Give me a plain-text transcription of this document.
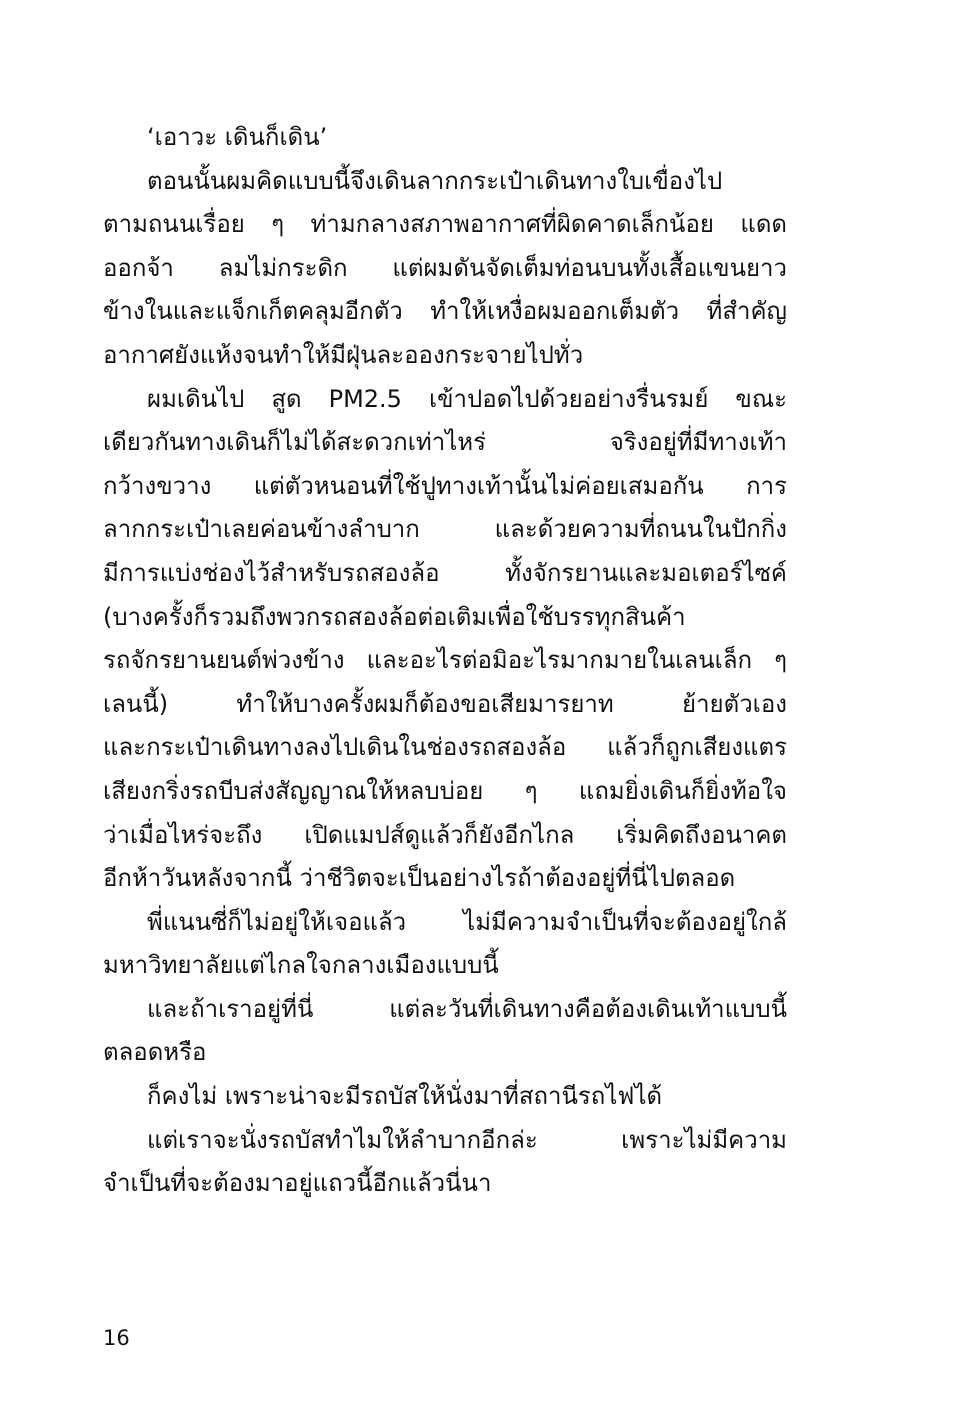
‘เอาวะ เดินก็เดิน’
ตอนนั้นผมคิดแบบนี้จึงเดินลากกระเป๋าเดินทางใบเขื่องไป
ตามถนนเรื่อย ๆ ท่ามกลางสภาพอากาศที่ผิดคาดเล็กน้อย แดด
ออกจ้า ลมไม่กระดิก แต่ผมดันจัดเต็มท่อนบนทั้งเสื้อแขนยาว
ข้างในและแจ็กเก็ตคลุมอีกตัว ทำให้เหงื่อผมออกเต็มตัว ที่สำคัญ
อากาศยังแห้งจนทำให้มีฝุ่นละอองกระจายไปทั่ว
ผมเดินไป สูด PM2.5 เข้าปอดไปด้วยอย่างรื่นรมย์ ขณะ
เดียวกันทางเดินก็ไม่ได้สะดวกเท่าไหร่ จริงอยู่ที่มีทางเท้า
กว้างขวาง แต่ตัวหนอนที่ใช้ปูทางเท้านั้นไม่ค่อยเสมอกัน การ
ลากกระเป๋าเลยค่อนข้างลำบาก และด้วยความที่ถนนในปักกิ่ง
มีการแบ่งช่องไว้สำหรับรถสองล้อ ทั้งจักรยานและมอเตอร์ไซค์
(บางครั้งก็รวมถึงพวกรถสองล้อต่อเติมเพื่อใช้บรรทุกสินค้า
รถจักรยานยนต์พ่วงข้าง และอะไรต่อมิอะไรมากมายในเลนเล็ก ๆ
เลนนี้) ทำให้บางครั้งผมก็ต้องขอเสียมารยาท ย้ายตัวเอง
และกระเป๋าเดินทางลงไปเดินในช่องรถสองล้อ แล้วก็ถูกเสียงแตร
เสียงกริ่งรถบีบส่งสัญญาณให้หลบบ่อย ๆ แถมยิ่งเดินก็ยิ่งท้อใจ
ว่าเมื่อไหร่จะถึง เปิดแมปส์ดูแล้วก็ยังอีกไกล เริ่มคิดถึงอนาคต
อีกห้าวันหลังจากนี้ ว่าชีวิตจะเป็นอย่างไรถ้าต้องอยู่ที่นี่ไปตลอด
พี่แนนซี่ก็ไม่อยู่ให้เจอแล้ว ไม่มีความจำเป็นที่จะต้องอยู่ใกล้
มหาวิทยาลัยแต่ไกลใจกลางเมืองแบบนี้
และถ้าเราอยู่ที่นี่ แต่ละวันที่เดินทางคือต้องเดินเท้าแบบนี้
ตลอดหรือ
ก็คงไม่ เพราะน่าจะมีรถบัสให้นั่งมาที่สถานีรถไฟได้
แต่เราจะนั่งรถบัสทำไมให้ลำบากอีกล่ะ เพราะไม่มีความ
จำเป็นที่จะต้องมาอยู่แถวนี้อีกแล้วนี่นา
16
